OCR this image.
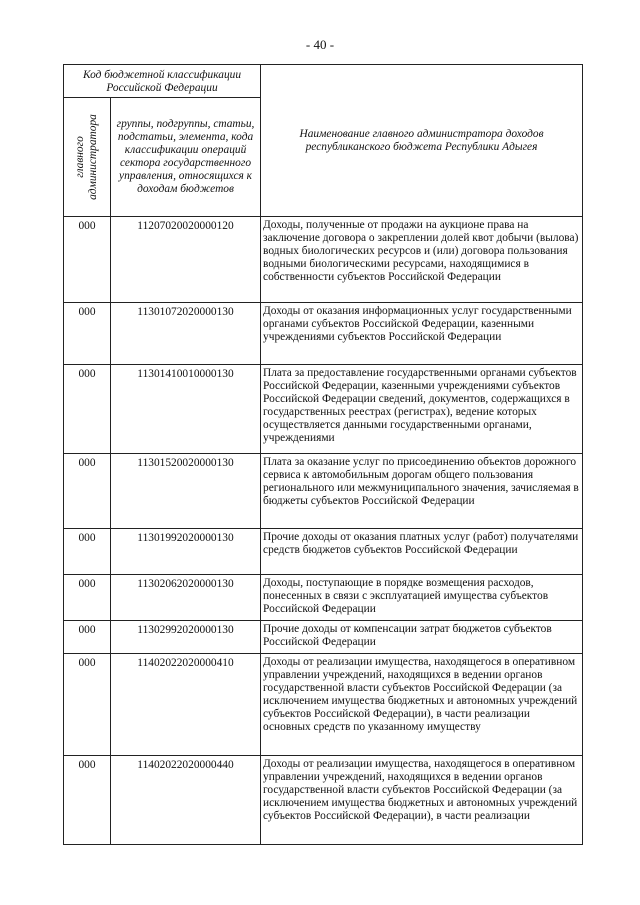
- 40 -
Код бюджетной классификации Российской Федерации		Наименование главного администратора доходов республиканского бюджета Республики Адыгея

главного администратора	группы, подгруппы, статьи, подстатьи, элемента, кода классификации операций сектора государственного управления, относящихся к доходам бюджетов	
000	11207020020000120	Доходы, полученные от продажи на аукционе права на заключение договора о закреплении долей квот добычи (вылова) водных биологических ресурсов и (или) договора пользования водными биологическими ресурсами, находящимися в собственности субъектов Российской Федерации
000	11301072020000130	Доходы от оказания информационных услуг государственными органами субъектов Российской Федерации, казенными учреждениями субъектов Российской Федерации
000	11301410010000130	Плата за предоставление государственными органами субъектов Российской Федерации, казенными учреждениями субъектов Российской Федерации сведений, документов, содержащихся в государственных реестрах (регистрах), ведение которых осуществляется данными государственными органами, учреждениями
000	11301520020000130	Плата за оказание услуг по присоединению объектов дорожного сервиса к автомобильным дорогам общего пользования регионального или межмуниципального значения, зачисляемая в бюджеты субъектов Российской Федерации
000	11301992020000130	Прочие доходы от оказания платных услуг (работ) получателями средств бюджетов субъектов Российской Федерации
000	11302062020000130	Доходы, поступающие в порядке возмещения расходов, понесенных в связи с эксплуатацией имущества субъектов Российской Федерации
000	11302992020000130	Прочие доходы от компенсации затрат бюджетов субъектов Российской Федерации
000	11402022020000410	Доходы от реализации имущества, находящегося в оперативном управлении учреждений, находящихся в ведении органов государственной власти субъектов Российской Федерации (за исключением имущества бюджетных и автономных учреждений субъектов Российской Федерации), в части реализации основных средств по указанному имуществу
000	11402022020000440	Доходы от реализации имущества, находящегося в оперативном управлении учреждений, находящихся в ведении органов государственной власти субъектов Российской Федерации (за исключением имущества бюджетных и автономных учреждений субъектов Российской Федерации), в части реализации
